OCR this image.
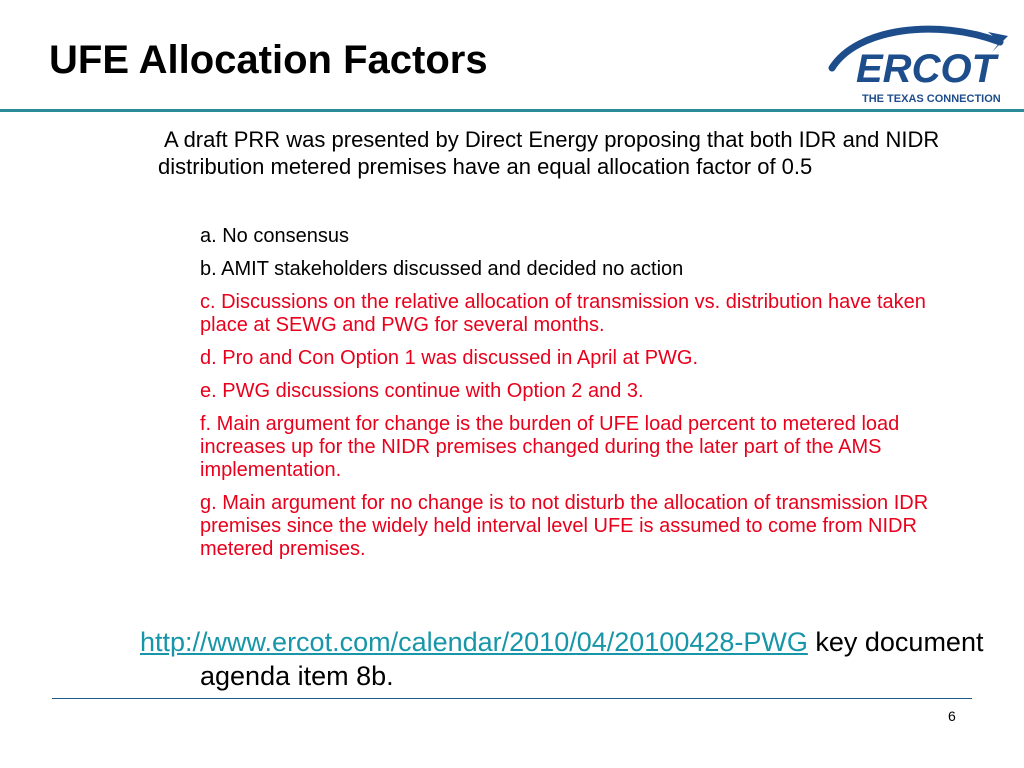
UFE Allocation Factors	ERCOT
THE TEXAS CONNECTION

A draft PRR was presented by Direct Energy proposing that both IDR and NIDR distribution metered premises have an equal allocation factor of 0.5

a. No consensus
b. AMIT stakeholders discussed and decided no action
c. Discussions on the relative allocation of transmission vs. distribution have taken place at SEWG and PWG for several months.
d. Pro and Con Option 1 was discussed in April at PWG.
e. PWG discussions continue with Option 2 and 3.
f. Main argument for change is the burden of UFE load percent to metered load increases up for the NIDR premises changed during the later part of the AMS implementation.
g. Main argument for no change is to not disturb the allocation of transmission IDR premises since the widely held interval level UFE is assumed to come from NIDR metered premises.

http://www.ercot.com/calendar/2010/04/20100428-PWG key document agenda item 8b.

6
